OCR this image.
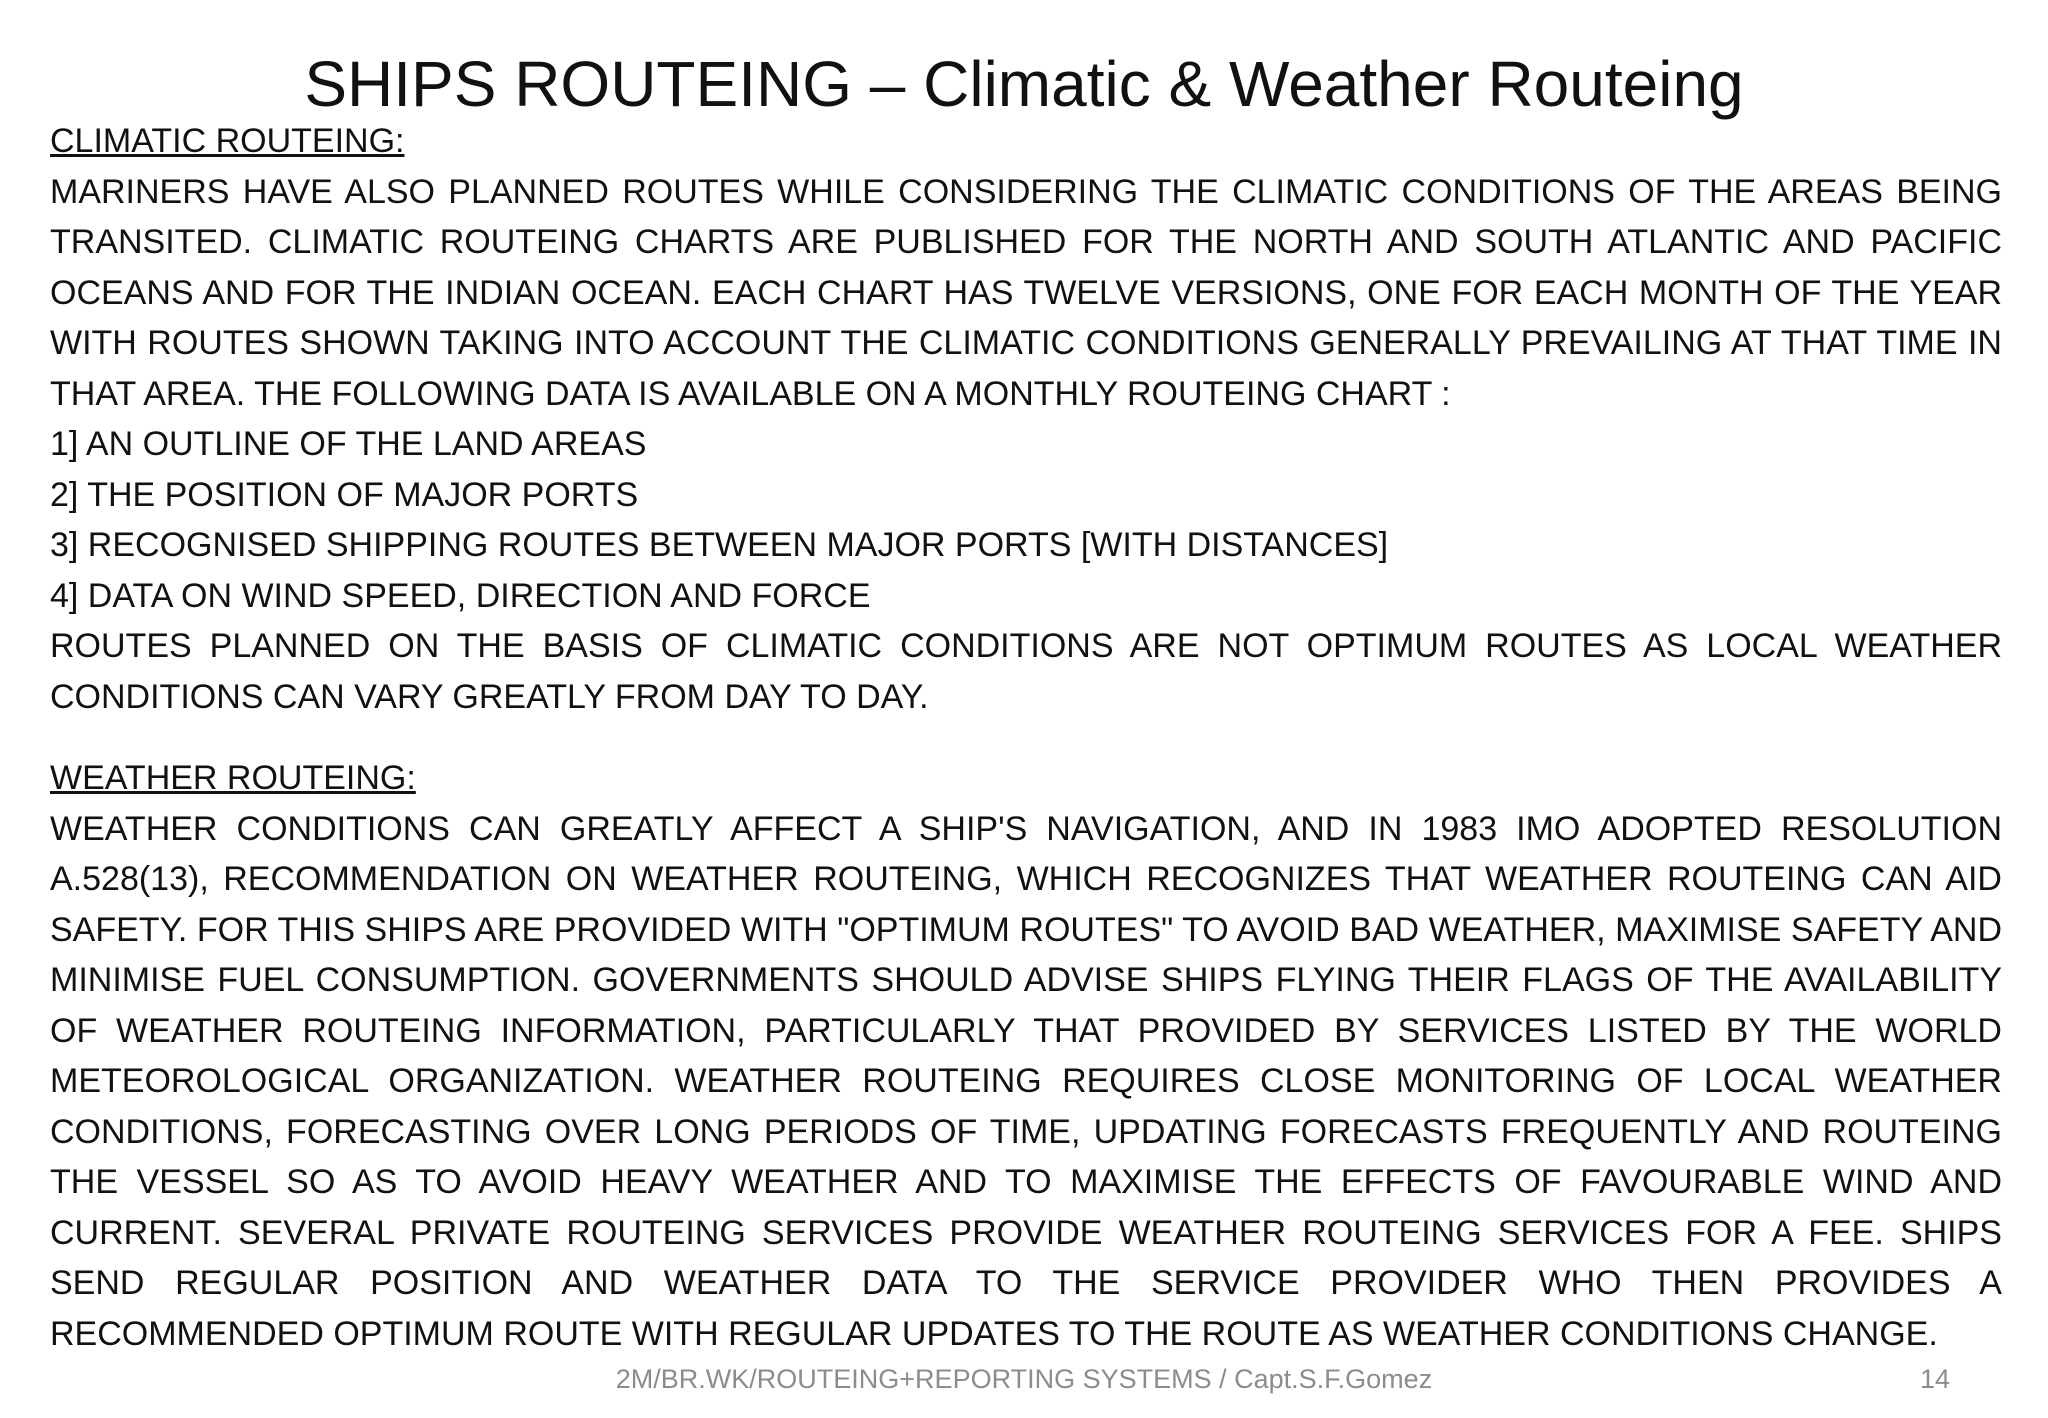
SHIPS ROUTEING – Climatic & Weather Routeing

CLIMATIC ROUTEING:

MARINERS HAVE ALSO PLANNED ROUTES WHILE CONSIDERING THE CLIMATIC CONDITIONS OF THE AREAS BEING TRANSITED. CLIMATIC ROUTEING CHARTS ARE PUBLISHED FOR THE NORTH AND SOUTH ATLANTIC AND PACIFIC OCEANS AND FOR THE INDIAN OCEAN. EACH CHART HAS TWELVE VERSIONS, ONE FOR EACH MONTH OF THE YEAR WITH ROUTES SHOWN TAKING INTO ACCOUNT THE CLIMATIC CONDITIONS GENERALLY PREVAILING AT THAT TIME IN THAT AREA. THE FOLLOWING DATA IS AVAILABLE ON A MONTHLY ROUTEING CHART :

1] AN OUTLINE OF THE LAND AREAS

2] THE POSITION OF MAJOR PORTS

3] RECOGNISED SHIPPING ROUTES BETWEEN MAJOR PORTS [WITH DISTANCES]

4] DATA ON WIND SPEED, DIRECTION AND FORCE

ROUTES PLANNED ON THE BASIS OF CLIMATIC CONDITIONS ARE NOT OPTIMUM ROUTES AS LOCAL WEATHER CONDITIONS CAN VARY GREATLY FROM DAY TO DAY.

WEATHER ROUTEING:

WEATHER CONDITIONS CAN GREATLY AFFECT A SHIP'S NAVIGATION, AND IN 1983 IMO ADOPTED RESOLUTION A.528(13), RECOMMENDATION ON WEATHER ROUTEING, WHICH RECOGNIZES THAT WEATHER ROUTEING CAN AID SAFETY. FOR THIS SHIPS ARE PROVIDED WITH "OPTIMUM ROUTES" TO AVOID BAD WEATHER, MAXIMISE SAFETY AND MINIMISE FUEL CONSUMPTION. GOVERNMENTS SHOULD ADVISE SHIPS FLYING THEIR FLAGS OF THE AVAILABILITY OF WEATHER ROUTEING INFORMATION, PARTICULARLY THAT PROVIDED BY SERVICES LISTED BY THE WORLD METEOROLOGICAL ORGANIZATION. WEATHER ROUTEING REQUIRES CLOSE MONITORING OF LOCAL WEATHER CONDITIONS, FORECASTING OVER LONG PERIODS OF TIME, UPDATING FORECASTS FREQUENTLY AND ROUTEING THE VESSEL SO AS TO AVOID HEAVY WEATHER AND TO MAXIMISE THE EFFECTS OF FAVOURABLE WIND AND CURRENT. SEVERAL PRIVATE ROUTEING SERVICES PROVIDE WEATHER ROUTEING SERVICES FOR A FEE. SHIPS SEND REGULAR POSITION AND WEATHER DATA TO THE SERVICE PROVIDER WHO THEN PROVIDES A RECOMMENDED OPTIMUM ROUTE WITH REGULAR UPDATES TO THE ROUTE AS WEATHER CONDITIONS CHANGE.

2M/BR.WK/ROUTEING+REPORTING SYSTEMS / Capt.S.F.Gomez	14
